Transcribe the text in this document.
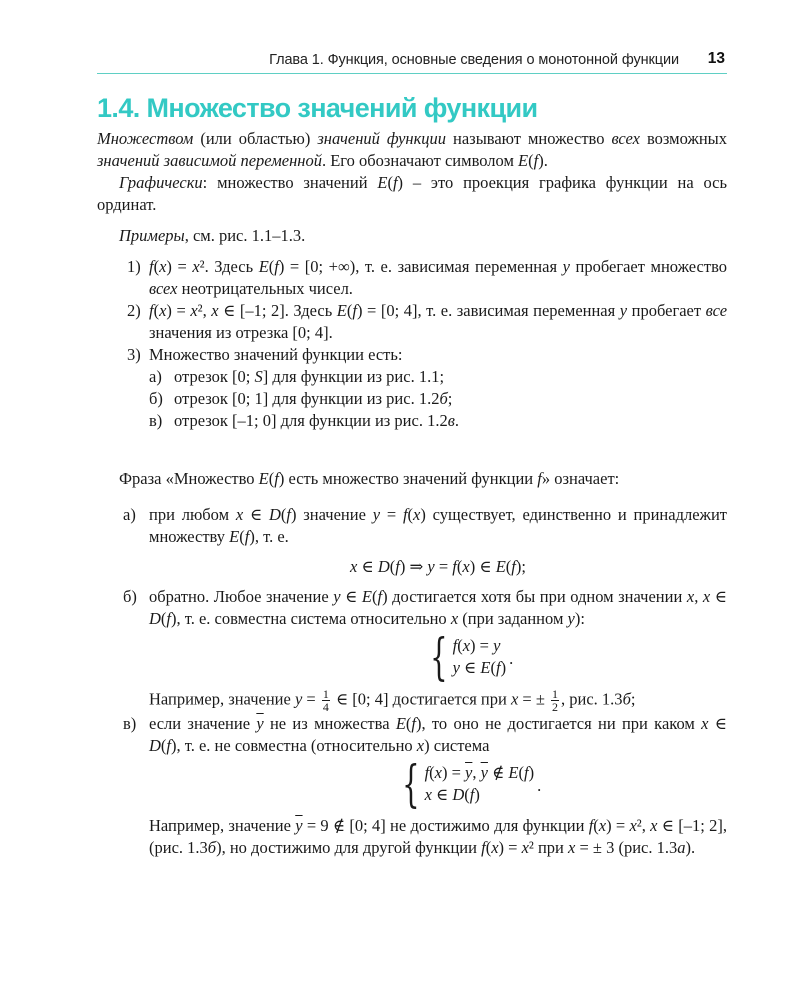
Глава 1. Функция, основные сведения о монотонной функции 13
1.4. Множество значений функции

Множеством (или областью) значений функции называют множество всех возможных значений зависимой переменной. Его обозначают символом E(f).

Графически: множество значений E(f) – это проекция графика функции на ось ординат.

Примеры, см. рис. 1.1–1.3.

1) f(x) = x². Здесь E(f) = [0; +∞), т. е. зависимая переменная y пробегает множество всех неотрицательных чисел.
2) f(x) = x², x ∈ [–1; 2]. Здесь E(f) = [0; 4], т. е. зависимая переменная y пробегает все значения из отрезка [0; 4].
3) Множество значений функции есть:
а) отрезок [0; S] для функции из рис. 1.1;
б) отрезок [0; 1] для функции из рис. 1.2б;
в) отрезок [–1; 0] для функции из рис. 1.2в.

Фраза «Множество E(f) есть множество значений функции f» означает:

а) при любом x ∈ D(f) значение y = f(x) существует, единственно и принадлежит множеству E(f), т. е.
x ∈ D(f) ⇒ y = f(x) ∈ E(f);
б) обратно. Любое значение y ∈ E(f) достигается хотя бы при одном значении x, x ∈ D(f), т. е. совместна система относительно x (при заданном y):
{ f(x) = y
y ∈ E(f) .
Например, значение $y = \frac{1}{4}$ ∈ [0; 4] достигается при x = ± $\frac{1}{2}$ , рис. 1.3б;
в) если значение $\overline{y}$ не из множества E(f), то оно не достигается ни при каком x ∈ D(f), т. е. не совместна (относительно x) система
{ $f(x) = \overline{y}$, $\overline{y}$ ∉ E(f)
x ∈ D(f)	.
Например, значение $\overline{y} = 9$ ∉ [0; 4] не достижимо для функции f(x) = x², x ∈ [–1; 2], (рис. 1.3б), но достижимо для другой функции f(x) = x² при x = ± 3 (рис. 1.3а).
